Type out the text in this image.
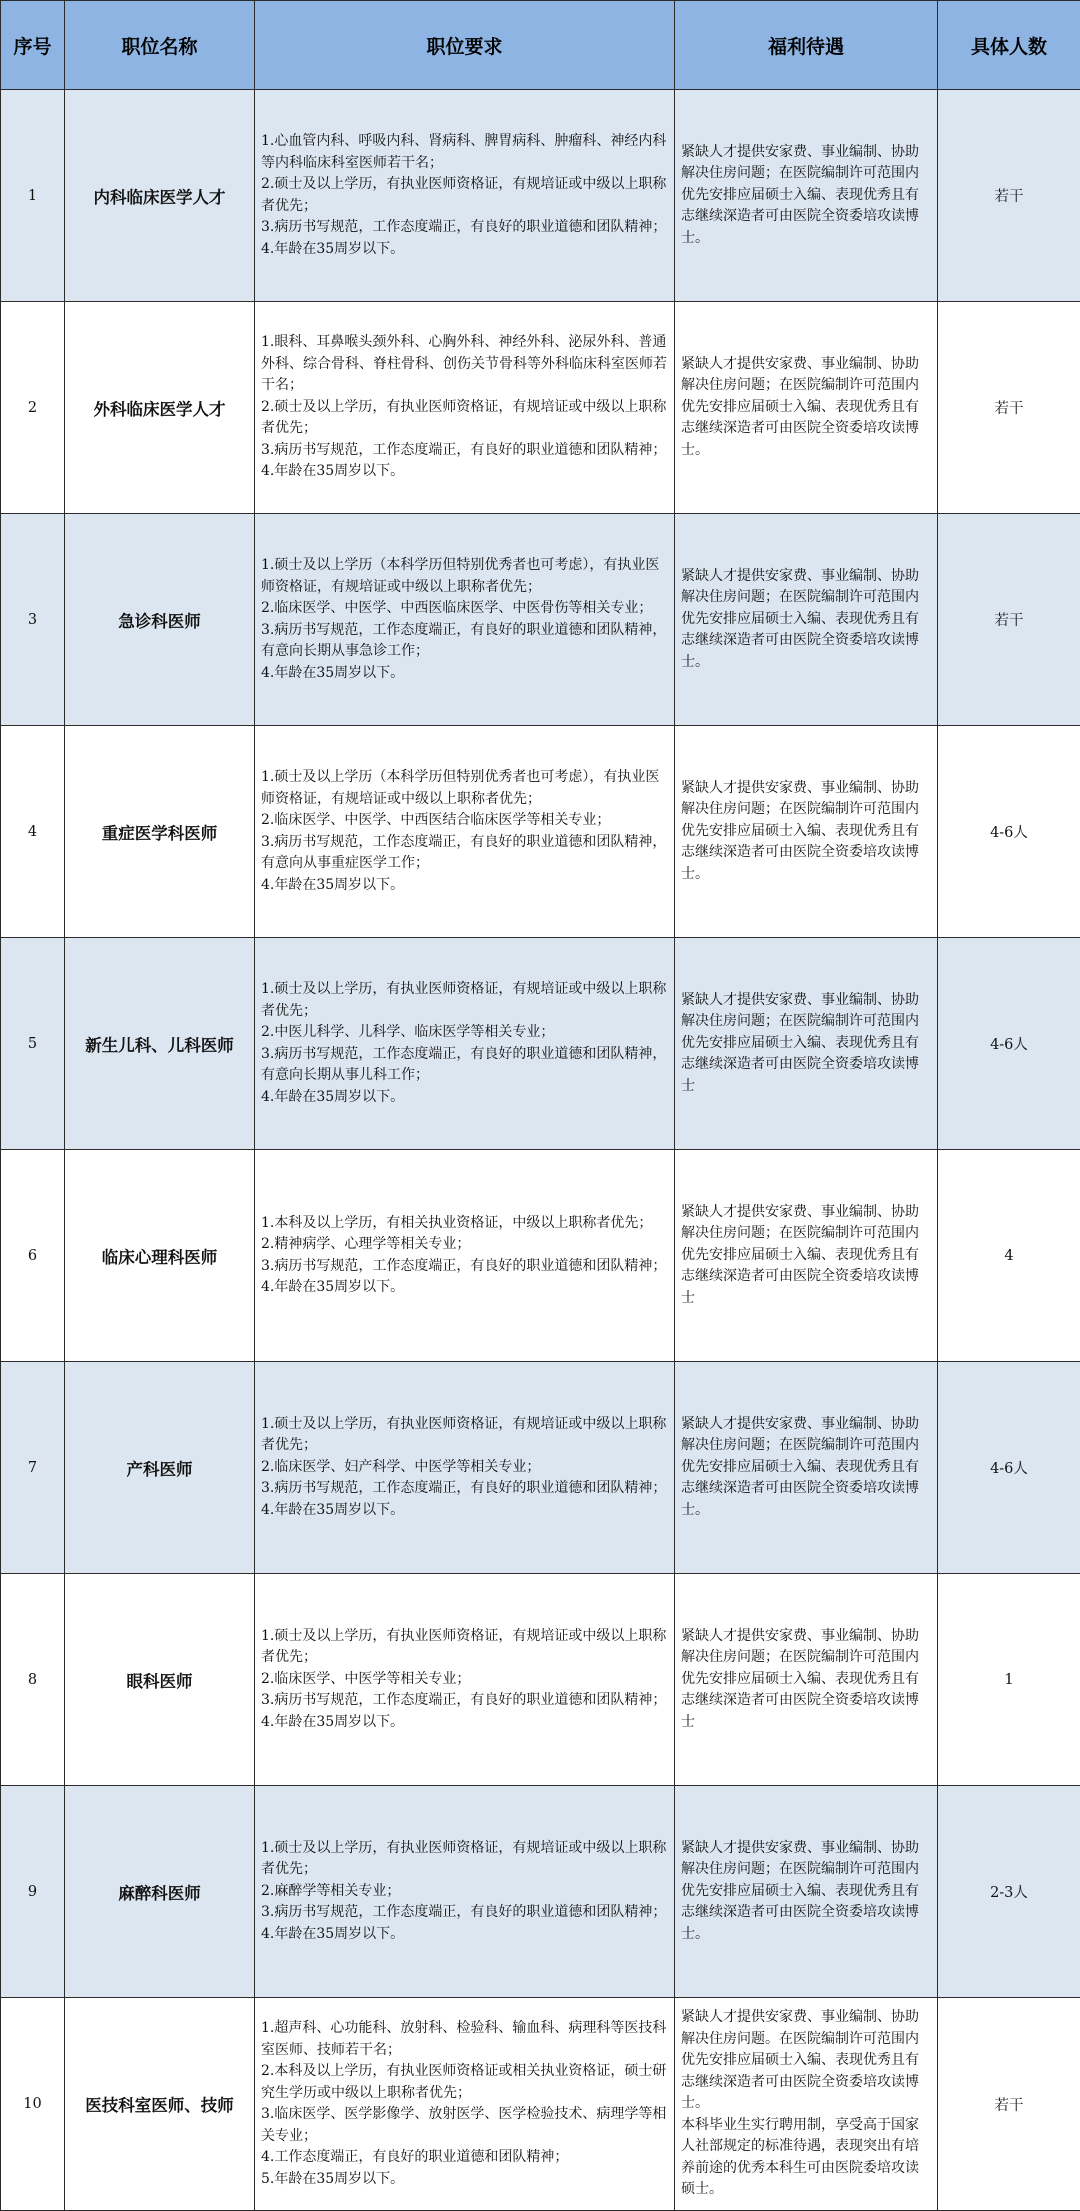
序号	职位名称	职位要求	福利待遇	具体人数
1	内科临床医学人才	1.心血管内科、呼吸内科、肾病科、脾胃病科、肿瘤科、神经内科等内科临床科室医师若干名；
2.硕士及以上学历，有执业医师资格证，有规培证或中级以上职称者优先；
3.病历书写规范，工作态度端正，有良好的职业道德和团队精神；
4.年龄在35周岁以下。	紧缺人才提供安家费、事业编制、协助解决住房问题；在医院编制许可范围内优先安排应届硕士入编、表现优秀且有志继续深造者可由医院全资委培攻读博士。	若干
2	外科临床医学人才	1.眼科、耳鼻喉头颈外科、心胸外科、神经外科、泌尿外科、普通外科、综合骨科、脊柱骨科、创伤关节骨科等外科临床科室医师若干名；
2.硕士及以上学历，有执业医师资格证，有规培证或中级以上职称者优先；
3.病历书写规范，工作态度端正，有良好的职业道德和团队精神；
4.年龄在35周岁以下。	紧缺人才提供安家费、事业编制、协助解决住房问题；在医院编制许可范围内优先安排应届硕士入编、表现优秀且有志继续深造者可由医院全资委培攻读博士。	若干
3	急诊科医师	1.硕士及以上学历（本科学历但特别优秀者也可考虑），有执业医师资格证，有规培证或中级以上职称者优先；
2.临床医学、中医学、中西医临床医学、中医骨伤等相关专业；
3.病历书写规范，工作态度端正，有良好的职业道德和团队精神，有意向长期从事急诊工作；
4.年龄在35周岁以下。	紧缺人才提供安家费、事业编制、协助解决住房问题；在医院编制许可范围内优先安排应届硕士入编、表现优秀且有志继续深造者可由医院全资委培攻读博士。	若干
4	重症医学科医师	1.硕士及以上学历（本科学历但特别优秀者也可考虑），有执业医师资格证，有规培证或中级以上职称者优先；
2.临床医学、中医学、中西医结合临床医学等相关专业；
3.病历书写规范，工作态度端正，有良好的职业道德和团队精神，有意向从事重症医学工作；
4.年龄在35周岁以下。	紧缺人才提供安家费、事业编制、协助解决住房问题；在医院编制许可范围内优先安排应届硕士入编、表现优秀且有志继续深造者可由医院全资委培攻读博士。	4-6人
5	新生儿科、儿科医师	1.硕士及以上学历，有执业医师资格证，有规培证或中级以上职称者优先；
2.中医儿科学、儿科学、临床医学等相关专业；
3.病历书写规范，工作态度端正，有良好的职业道德和团队精神，有意向长期从事儿科工作；
4.年龄在35周岁以下。	紧缺人才提供安家费、事业编制、协助解决住房问题；在医院编制许可范围内优先安排应届硕士入编、表现优秀且有志继续深造者可由医院全资委培攻读博士	4-6人
6	临床心理科医师	1.本科及以上学历，有相关执业资格证，中级以上职称者优先；
2.精神病学、心理学等相关专业；
3.病历书写规范，工作态度端正，有良好的职业道德和团队精神；
4.年龄在35周岁以下。	紧缺人才提供安家费、事业编制、协助解决住房问题；在医院编制许可范围内优先安排应届硕士入编、表现优秀且有志继续深造者可由医院全资委培攻读博士	4
7	产科医师	1.硕士及以上学历，有执业医师资格证，有规培证或中级以上职称者优先；
2.临床医学、妇产科学、中医学等相关专业；
3.病历书写规范，工作态度端正，有良好的职业道德和团队精神；
4.年龄在35周岁以下。	紧缺人才提供安家费、事业编制、协助解决住房问题；在医院编制许可范围内优先安排应届硕士入编、表现优秀且有志继续深造者可由医院全资委培攻读博士。	4-6人
8	眼科医师	1.硕士及以上学历，有执业医师资格证，有规培证或中级以上职称者优先；
2.临床医学、中医学等相关专业；
3.病历书写规范，工作态度端正，有良好的职业道德和团队精神；
4.年龄在35周岁以下。	紧缺人才提供安家费、事业编制、协助解决住房问题；在医院编制许可范围内优先安排应届硕士入编、表现优秀且有志继续深造者可由医院全资委培攻读博士	1
9	麻醉科医师	1.硕士及以上学历，有执业医师资格证，有规培证或中级以上职称者优先；
2.麻醉学等相关专业；
3.病历书写规范，工作态度端正，有良好的职业道德和团队精神；
4.年龄在35周岁以下。	紧缺人才提供安家费、事业编制、协助解决住房问题；在医院编制许可范围内优先安排应届硕士入编、表现优秀且有志继续深造者可由医院全资委培攻读博士。	2-3人
10	医技科室医师、技师	1.超声科、心功能科、放射科、检验科、输血科、病理科等医技科室医师、技师若干名；
2.本科及以上学历，有执业医师资格证或相关执业资格证，硕士研究生学历或中级以上职称者优先；
3.临床医学、医学影像学、放射医学、医学检验技术、病理学等相关专业；
4.工作态度端正，有良好的职业道德和团队精神；
5.年龄在35周岁以下。	紧缺人才提供安家费、事业编制、协助解决住房问题。在医院编制许可范围内优先安排应届硕士入编、表现优秀且有志继续深造者可由医院全资委培攻读博士。
本科毕业生实行聘用制，享受高于国家人社部规定的标准待遇，表现突出有培养前途的优秀本科生可由医院委培攻读硕士。	若干
